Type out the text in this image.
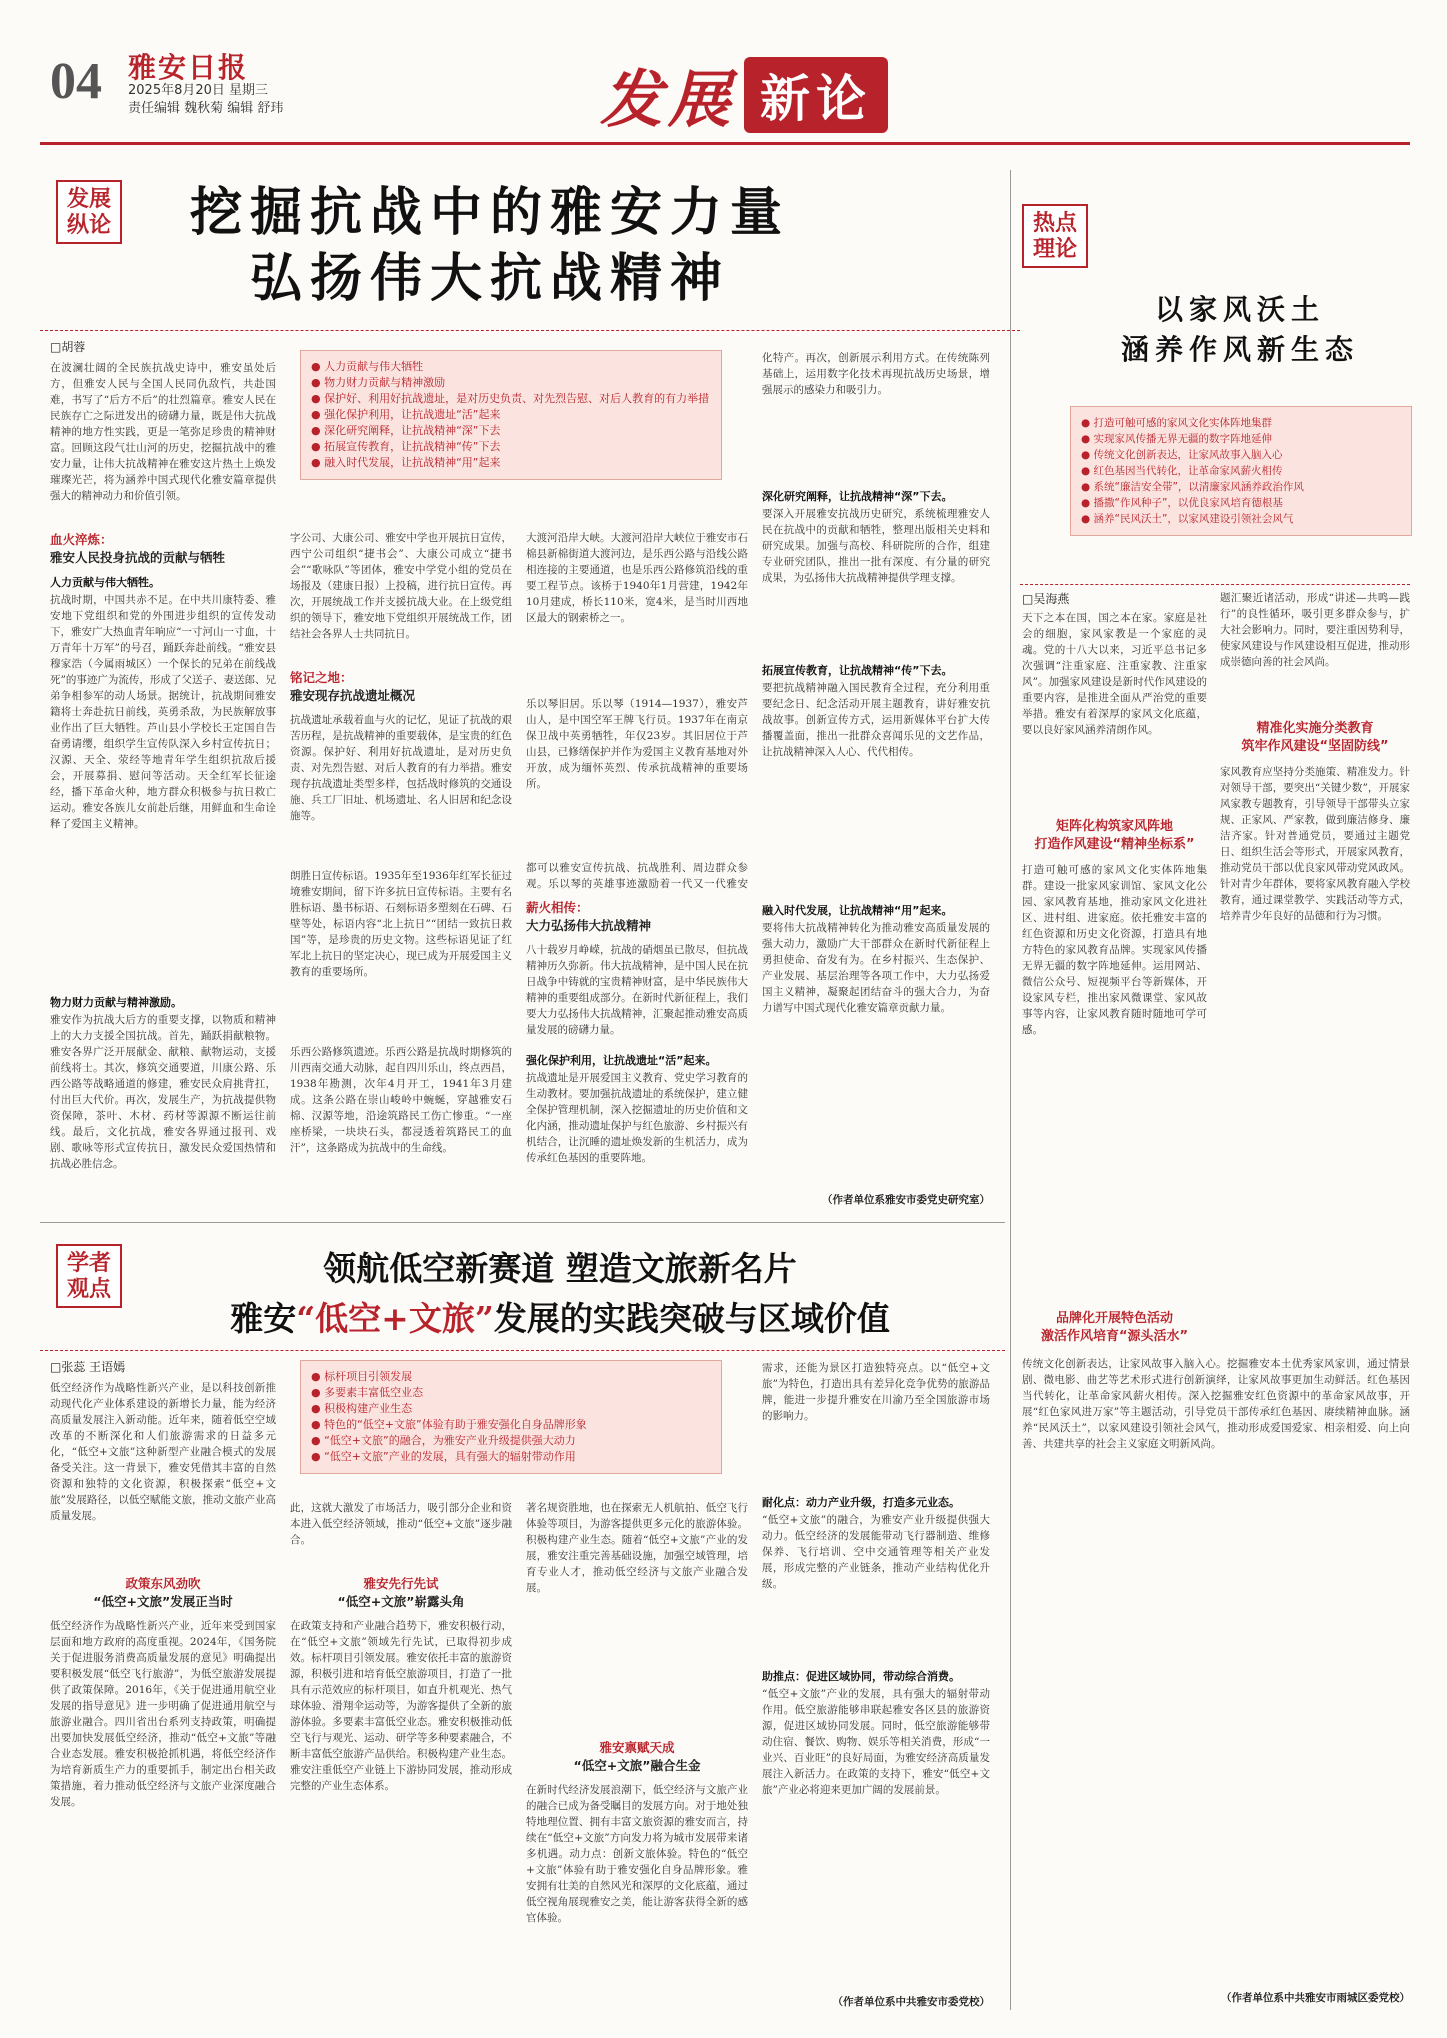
04 雅安日报
2025年8月20日 星期三
责任编辑 魏秋菊 编辑 舒玮	发展 新论
发展纵论	挖掘抗战中的雅安力量
弘扬伟大抗战精神
□胡蓉
● 人力贡献与伟大牺牲
● 物力财力贡献与精神激励
● 保护好、利用好抗战遗址，是对历史负责、对先烈告慰、对后人教育的有力举措
● 强化保护利用，让抗战遗址“活”起来
● 深化研究阐释，让抗战精神“深”下去
● 拓展宣传教育，让抗战精神“传”下去
● 融入时代发展，让抗战精神“用”起来
在波澜壮阔的全民族抗战史诗中，雅安虽处后方，但雅安人民与全国人民同仇敌忾，共赴国难，书写了“后方不后”的壮烈篇章。雅安人民在民族存亡之际迸发出的磅礴力量，既是伟大抗战精神的地方性实践，更是一笔弥足珍贵的精神财富。回顾这段气壮山河的历史，挖掘抗战中的雅安力量，让伟大抗战精神在雅安这片热土上焕发璀璨光芒，将为涵养中国式现代化雅安篇章提供强大的精神动力和价值引领。
血火淬炼：
雅安人民投身抗战的贡献与牺牲
人力贡献与伟大牺牲。
抗战时期，中国共赤不足。在中共川康特委、雅安地下党组织和党的外围进步组织的宣传发动下，雅安广大热血青年响应“一寸河山一寸血，十万青年十万军”的号召，踊跃奔赴前线。“雅安县穆家浩（今属雨城区）一个保长的兄弟在前线战死”的事迹广为流传，形成了父送子、妻送郎、兄弟争相参军的动人场景。据统计，抗战期间雅安籍将士奔赴抗日前线，英勇杀敌，为民族解放事业作出了巨大牺牲。芦山县小学校长王定国自告奋勇请缨，组织学生宣传队深入乡村宣传抗日；汉源、天全、荥经等地青年学生组织抗敌后援会，开展募捐、慰问等活动。天全红军长征途经，播下革命火种，地方群众积极参与抗日救亡运动。雅安各族儿女前赴后继，用鲜血和生命诠释了爱国主义精神。
物力财力贡献与精神激励。
雅安作为抗战大后方的重要支撑，以物质和精神上的大力支援全国抗战。首先，踊跃捐献粮物。雅安各界广泛开展献金、献粮、献物运动，支援前线将士。其次，修筑交通要道，川康公路、乐西公路等战略通道的修建，雅安民众肩挑背扛，付出巨大代价。再次，发展生产，为抗战提供物资保障，茶叶、木材、药材等源源不断运往前线。最后，文化抗战，雅安各界通过报刊、戏剧、歌咏等形式宣传抗日，激发民众爱国热情和抗战必胜信念。
字公司、大康公司、雅安中学也开展抗日宣传，西宁公司组织“捷书会”、大康公司成立“捷书会”“歌咏队”等团体，雅安中学党小组的党员在场报及（建康日报）上投稿，进行抗日宣传。再次，开展统战工作并支援抗战大业。在上级党组织的领导下，雅安地下党组织开展统战工作，团结社会各界人士共同抗日。
铭记之地：
雅安现存抗战遗址概况
抗战遗址承载着血与火的记忆，见证了抗战的艰苦历程，是抗战精神的重要载体，是宝贵的红色资源。保护好、利用好抗战遗址，是对历史负责、对先烈告慰、对后人教育的有力举措。雅安现存抗战遗址类型多样，包括战时修筑的交通设施、兵工厂旧址、机场遗址、名人旧居和纪念设施等。
朗胜日宣传标语。1935年至1936年红军长征过境雅安期间，留下许多抗日宣传标语。主要有名胜标语、墨书标语、石刻标语多塑刻在石碑、石壁等处，标语内容“北上抗日”“团结一致抗日救国”等，是珍贵的历史文物。这些标语见证了红军北上抗日的坚定决心，现已成为开展爱国主义教育的重要场所。
乐西公路修筑遗迹。乐西公路是抗战时期修筑的川西南交通大动脉，起自四川乐山，终点西昌，1938年勘测，次年4月开工，1941年3月建成。这条公路在崇山峻岭中蜿蜒，穿越雅安石棉、汉源等地，沿途筑路民工伤亡惨重。“一座座桥梁，一块块石头，都浸透着筑路民工的血汗”，这条路成为抗战中的生命线。
大渡河沿岸大峡。大渡河沿岸大峡位于雅安市石棉县新棉街道大渡河边，是乐西公路与沿线公路相连接的主要通道，也是乐西公路修筑沿线的重要工程节点。该桥于1940年1月营建，1942年10月建成，桥长110米，宽4米，是当时川西地区最大的钢索桥之一。
乐以琴旧居。乐以琴（1914—1937），雅安芦山人，是中国空军王牌飞行员。1937年在南京保卫战中英勇牺牲，年仅23岁。其旧居位于芦山县，已修缮保护并作为爱国主义教育基地对外开放，成为缅怀英烈、传承抗战精神的重要场所。
都可以雅安宣传抗战、抗战胜利、周边群众参观。乐以琴的英雄事迹激励着一代又一代雅安
薪火相传：
大力弘扬伟大抗战精神
八十载岁月峥嵘，抗战的硝烟虽已散尽，但抗战精神历久弥新。伟大抗战精神，是中国人民在抗日战争中铸就的宝贵精神财富，是中华民族伟大精神的重要组成部分。在新时代新征程上，我们要大力弘扬伟大抗战精神，汇聚起推动雅安高质量发展的磅礴力量。
强化保护利用，让抗战遗址“活”起来。
抗战遗址是开展爱国主义教育、党史学习教育的生动教材。要加强抗战遗址的系统保护，建立健全保护管理机制，深入挖掘遗址的历史价值和文化内涵，推动遗址保护与红色旅游、乡村振兴有机结合，让沉睡的遗址焕发新的生机活力，成为传承红色基因的重要阵地。
化特产。再次，创新展示利用方式。在传统陈列基础上，运用数字化技术再现抗战历史场景，增强展示的感染力和吸引力。
深化研究阐释，让抗战精神“深”下去。
要深入开展雅安抗战历史研究，系统梳理雅安人民在抗战中的贡献和牺牲，整理出版相关史料和研究成果。加强与高校、科研院所的合作，组建专业研究团队，推出一批有深度、有分量的研究成果，为弘扬伟大抗战精神提供学理支撑。
拓展宣传教育，让抗战精神“传”下去。
要把抗战精神融入国民教育全过程，充分利用重要纪念日、纪念活动开展主题教育，讲好雅安抗战故事。创新宣传方式，运用新媒体平台扩大传播覆盖面，推出一批群众喜闻乐见的文艺作品，让抗战精神深入人心、代代相传。
融入时代发展，让抗战精神“用”起来。
要将伟大抗战精神转化为推动雅安高质量发展的强大动力，激励广大干部群众在新时代新征程上勇担使命、奋发有为。在乡村振兴、生态保护、产业发展、基层治理等各项工作中，大力弘扬爱国主义精神，凝聚起团结奋斗的强大合力，为奋力谱写中国式现代化雅安篇章贡献力量。
（作者单位系雅安市委党史研究室）
热点理论
以家风沃土
涵养作风新生态
● 打造可触可感的家风文化实体阵地集群
● 实现家风传播无界无疆的数字阵地延伸
● 传统文化创新表达，让家风故事入脑入心
● 红色基因当代转化，让革命家风薪火相传
● 系统“廉洁安全带”，以清廉家风涵养政治作风
● 播撒“作风种子”，以优良家风培育德根基
● 涵养“民风沃土”，以家风建设引领社会风气
□吴海燕
天下之本在国，国之本在家。家庭是社会的细胞，家风家教是一个家庭的灵魂。党的十八大以来，习近平总书记多次强调“注重家庭、注重家教、注重家风”。加强家风建设是新时代作风建设的重要内容，是推进全面从严治党的重要举措。雅安有着深厚的家风文化底蕴，要以良好家风涵养清朗作风。
矩阵化构筑家风阵地
打造作风建设“精神坐标系”
打造可触可感的家风文化实体阵地集群。建设一批家风家训馆、家风文化公园、家风教育基地，推动家风文化进社区、进村组、进家庭。依托雅安丰富的红色资源和历史文化资源，打造具有地方特色的家风教育品牌。实现家风传播无界无疆的数字阵地延伸。运用网站、微信公众号、短视频平台等新媒体，开设家风专栏，推出家风微课堂、家风故事等内容，让家风教育随时随地可学可感。
品牌化开展特色活动
激活作风培育“源头活水”
题汇聚近诸活动，形成“讲述—共鸣—践行”的良性循环，吸引更多群众参与，扩大社会影响力。同时，要注重因势利导，使家风建设与作风建设相互促进，推动形成崇德向善的社会风尚。
精准化实施分类教育
筑牢作风建设“坚固防线”
家风教育应坚持分类施策、精准发力。针对领导干部，要突出“关键少数”，开展家风家教专题教育，引导领导干部带头立家规、正家风、严家教，做到廉洁修身、廉洁齐家。针对普通党员，要通过主题党日、组织生活会等形式，开展家风教育，推动党员干部以优良家风带动党风政风。针对青少年群体，要将家风教育融入学校教育，通过课堂教学、实践活动等方式，培养青少年良好的品德和行为习惯。
传统文化创新表达，让家风故事入脑入心。挖掘雅安本土优秀家风家训，通过情景剧、微电影、曲艺等艺术形式进行创新演绎，让家风故事更加生动鲜活。红色基因当代转化，让革命家风薪火相传。深入挖掘雅安红色资源中的革命家风故事，开展“红色家风进万家”等主题活动，引导党员干部传承红色基因、赓续精神血脉。涵养“民风沃土”，以家风建设引领社会风气，推动形成爱国爱家、相亲相爱、向上向善、共建共享的社会主义家庭文明新风尚。
（作者单位系中共雅安市雨城区委党校）
学者观点
领航低空新赛道 塑造文旅新名片
雅安“低空+文旅”发展的实践突破与区域价值
□张蕊 王语嫣
● 标杆项目引领发展
● 多要素丰富低空业态
● 积极构建产业生态
● 特色的“低空+文旅”体验有助于雅安强化自身品牌形象
● “低空+文旅”的融合，为雅安产业升级提供强大动力
● “低空+文旅”产业的发展，具有强大的辐射带动作用
低空经济作为战略性新兴产业，是以科技创新推动现代化产业体系建设的新增长力量，能为经济高质量发展注入新动能。近年来，随着低空空域改革的不断深化和人们旅游需求的日益多元化，“低空+文旅”这种新型产业融合模式的发展备受关注。这一背景下，雅安凭借其丰富的自然资源和独特的文化资源，积极探索“低空+文旅”发展路径，以低空赋能文旅，推动文旅产业高质量发展。
政策东风劲吹
“低空+文旅”发展正当时
低空经济作为战略性新兴产业，近年来受到国家层面和地方政府的高度重视。2024年，《国务院关于促进服务消费高质量发展的意见》明确提出要积极发展“低空飞行旅游”，为低空旅游发展提供了政策保障。2016年，《关于促进通用航空业发展的指导意见》进一步明确了促进通用航空与旅游业融合。四川省出台系列支持政策，明确提出要加快发展低空经济，推动“低空+文旅”等融合业态发展。雅安积极抢抓机遇，将低空经济作为培育新质生产力的重要抓手，制定出台相关政策措施，着力推动低空经济与文旅产业深度融合发展。
此，这就大激发了市场活力，吸引部分企业和资本进入低空经济领域，推动“低空+文旅”逐步融合。
雅安先行先试
“低空+文旅”崭露头角
在政策支持和产业融合趋势下，雅安积极行动，在“低空+文旅”领域先行先试，已取得初步成效。标杆项目引领发展。雅安依托丰富的旅游资源，积极引进和培育低空旅游项目，打造了一批具有示范效应的标杆项目，如直升机观光、热气球体验、滑翔伞运动等，为游客提供了全新的旅游体验。多要素丰富低空业态。雅安积极推动低空飞行与观光、运动、研学等多种要素融合，不断丰富低空旅游产品供给。积极构建产业生态。雅安注重低空产业链上下游协同发展，推动形成完整的产业生态体系。
著名规资胜地，也在探索无人机航拍、低空飞行体验等项目，为游客提供更多元化的旅游体验。积极构建产业生态。随着“低空+文旅”产业的发展，雅安注重完善基础设施，加强空域管理，培育专业人才，推动低空经济与文旅产业融合发展。
雅安禀赋天成
“低空+文旅”融合生金
在新时代经济发展浪潮下，低空经济与文旅产业的融合已成为备受瞩目的发展方向。对于地处独特地理位置、拥有丰富文旅资源的雅安而言，持续在“低空+文旅”方向发力将为城市发展带来诸多机遇。动力点：创新文旅体验。特色的“低空+文旅”体验有助于雅安强化自身品牌形象。雅安拥有壮美的自然风光和深厚的文化底蕴，通过低空视角展现雅安之美，能让游客获得全新的感官体验。
需求，还能为景区打造独特亮点。以“低空+文旅”为特色，打造出具有差异化竞争优势的旅游品牌，能进一步提升雅安在川渝乃至全国旅游市场的影响力。
耐化点：动力产业升级，打造多元业态。
“低空+文旅”的融合，为雅安产业升级提供强大动力。低空经济的发展能带动飞行器制造、维修保养、飞行培训、空中交通管理等相关产业发展，形成完整的产业链条，推动产业结构优化升级。
助推点：促进区域协同，带动综合消费。
“低空+文旅”产业的发展，具有强大的辐射带动作用。低空旅游能够串联起雅安各区县的旅游资源，促进区域协同发展。同时，低空旅游能够带动住宿、餐饮、购物、娱乐等相关消费，形成“一业兴、百业旺”的良好局面，为雅安经济高质量发展注入新活力。在政策的支持下，雅安“低空+文旅”产业必将迎来更加广阔的发展前景。
（作者单位系中共雅安市委党校）
